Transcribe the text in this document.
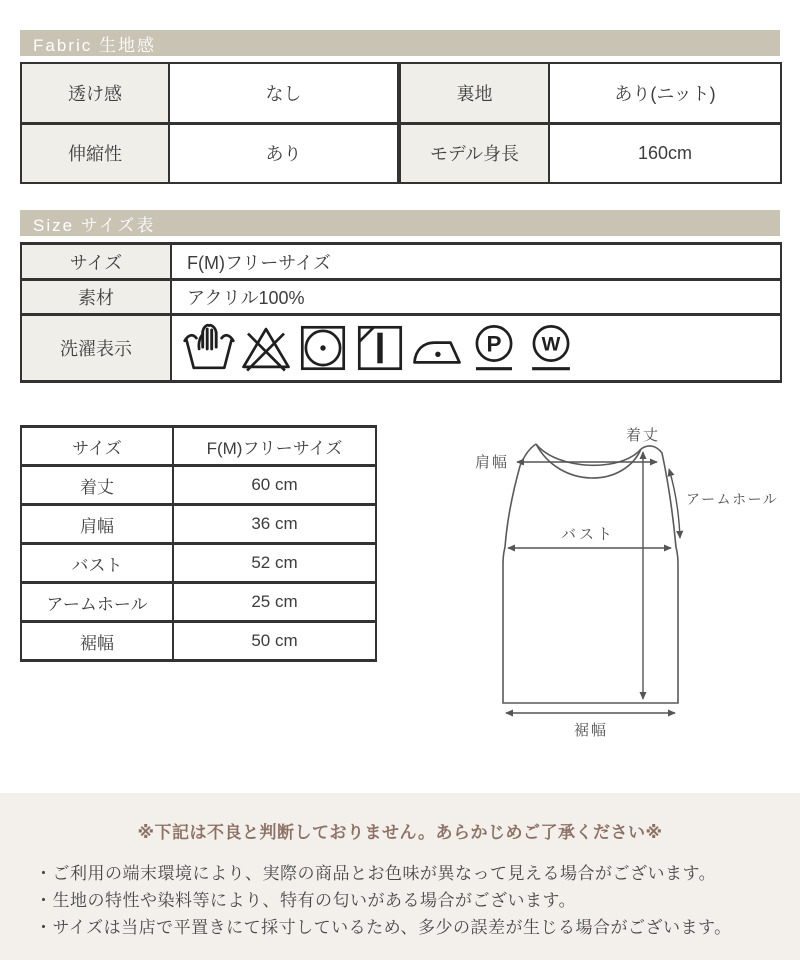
Fabric 生地感
透け感	なし	裏地	あり(ニット)
伸縮性	あり	モデル身長	160cm
Size サイズ表
サイズ	F(M)フリーサイズ
素材	アクリル100%
洗濯表示	P W
サイズ	F(M)フリーサイズ
着丈	60 cm
肩幅	36 cm
バスト	52 cm
アームホール	25 cm
裾幅	50 cm
着丈
肩幅
アームホール
バスト
裾幅
※下記は不良と判断しておりません。あらかじめご了承ください※
・ご利用の端末環境により、実際の商品とお色味が異なって見える場合がございます。
・生地の特性や染料等により、特有の匂いがある場合がございます。
・サイズは当店で平置きにて採寸しているため、多少の誤差が生じる場合がございます。
